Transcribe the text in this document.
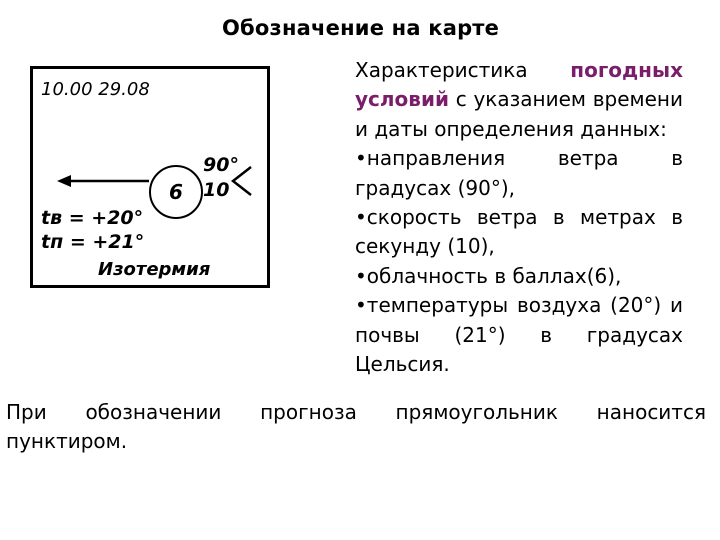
Обозначение на карте
10.00 29.08
6
90°
10
tв = +20°
tп = +21°
Изотермия

Характеристика погодных условий с указанием времени и даты определения данных:

•направления ветра в градусах (90°),
•скорость ветра в метрах в секунду (10),
•облачность в баллах(6),
•температуры воздуха (20°) и почвы (21°) в градусах Цельсия.
При обозначении прогноза прямоугольник наносится
пунктиром.
